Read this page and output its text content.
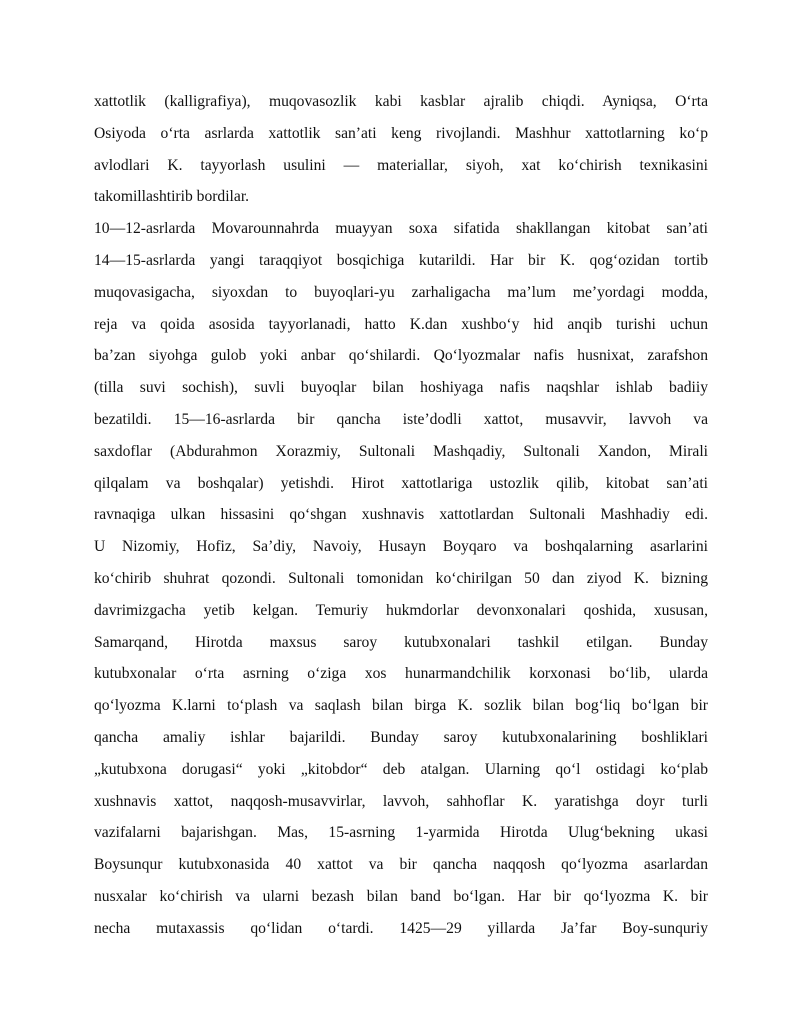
xattotlik (kalligrafiya), muqovasozlik kabi kasblar ajralib chiqdi. Ayniqsa, O‘rta
Osiyoda o‘rta asrlarda xattotlik san’ati keng rivojlandi. Mashhur xattotlarning ko‘p
avlodlari K. tayyorlash usulini — materiallar, siyoh, xat ko‘chirish texnikasini
takomillashtirib bordilar.

10—12-asrlarda Movarounnahrda muayyan soxa sifatida shakllangan kitobat san’ati
14—15-asrlarda yangi taraqqiyot bosqichiga kutarildi. Har bir K. qog‘ozidan tortib
muqovasigacha, siyoxdan to buyoqlari-yu zarhaligacha ma’lum me’yordagi modda,
reja va qoida asosida tayyorlanadi, hatto K.dan xushbo‘y hid anqib turishi uchun
ba’zan siyohga gulob yoki anbar qo‘shilardi. Qo‘lyozmalar nafis husnixat, zarafshon
(tilla suvi sochish), suvli buyoqlar bilan hoshiyaga nafis naqshlar ishlab badiiy
bezatildi. 15—16-asrlarda bir qancha iste’dodli xattot, musavvir, lavvoh va
saxdoflar (Abdurahmon Xorazmiy, Sultonali Mashqadiy, Sultonali Xandon, Mirali
qilqalam va boshqalar) yetishdi. Hirot xattotlariga ustozlik qilib, kitobat san’ati
ravnaqiga ulkan hissasini qo‘shgan xushnavis xattotlardan Sultonali Mashhadiy edi.
U Nizomiy, Hofiz, Sa’diy, Navoiy, Husayn Boyqaro va boshqalarning asarlarini
ko‘chirib shuhrat qozondi. Sultonali tomonidan ko‘chirilgan 50 dan ziyod K. bizning
davrimizgacha yetib kelgan. Temuriy hukmdorlar devonxonalari qoshida, xususan,
Samarqand, Hirotda maxsus saroy kutubxonalari tashkil etilgan. Bunday
kutubxonalar o‘rta asrning o‘ziga xos hunarmandchilik korxonasi bo‘lib, ularda
qo‘lyozma K.larni to‘plash va saqlash bilan birga K. sozlik bilan bog‘liq bo‘lgan bir
qancha amaliy ishlar bajarildi. Bunday saroy kutubxonalarining boshliklari
„kutubxona dorugasi“ yoki „kitobdor“ deb atalgan. Ularning qo‘l ostidagi ko‘plab
xushnavis xattot, naqqosh-musavvirlar, lavvoh, sahhoflar K. yaratishga doyr turli
vazifalarni bajarishgan. Mas, 15-asrning 1-yarmida Hirotda Ulug‘bekning ukasi
Boysunqur kutubxonasida 40 xattot va bir qancha naqqosh qo‘lyozma asarlardan
nusxalar ko‘chirish va ularni bezash bilan band bo‘lgan. Har bir qo‘lyozma K. bir
necha mutaxassis qo‘lidan o‘tardi. 1425—29 yillarda Ja’far Boy-sunquriy
